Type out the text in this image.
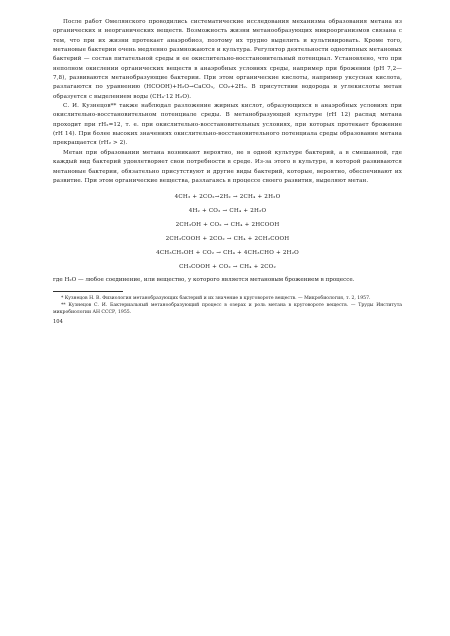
После работ Омелянского проводились систематические исследования механизма образования метана из органических и неорганических веществ. Возможность жизни метанообразующих микроорганизмов связана с тем, что при их жизни протекает анаэробиоз, поэтому их трудно выделить и культивировать. Кроме того, метановые бактерии очень медленно размножаются и культура. Регулятор деятельности однотипных метановых бактерий — состав питательной среды и ее окислительно-восстановительный потенциал. Установлено, что при неполном окислении органических веществ в анаэробных условиях среды, например при брожении (pH 7,2—7,8), развиваются метанобразующие бактерии. При этом органические кислоты, например уксусная кислота, разлагаются по уравнению (HCOOH)+H₂O→CaCO₃, CO₂+2H₂. В присутствии водорода и углекислоты метан образуется с выделением воды (CH₄·12 H₂O).

С. И. Кузнецов** также наблюдал разложение жирных кислот, образующихся в анаэробных условиях при окислительно-восстановительном потенциале среды. В метанобразующей культуре (rH 12) распад метана проходит при rH₂=12, т. е. при окислительно-восстановительных условиях, при которых протекает брожение (rH 14). При более высоких значениях окислительно-восстановительного потенциала среды образование метана прекращается (rH₂ > 2).

Метан при образовании метана возникают вероятно, не в одной культуре бактерий, а в смешанной, где каждый вид бактерий удовлетворяет свои потребности в среде. Из-за этого в культуре, в которой развиваются метановые бактерии, обязательно присутствуют и другие виды бактерий, которые, вероятно, обеспечивают их развитие. При этом органические вещества, разлагаясь в процессе своего развития, выделяют метан.

4CH₃ + 2CO₂→2H₂ → 2CH₄ + 2H₂O

4H₂ + CO₂ → CH₄ + 2H₂O

2CH₃OH + CO₂ → CH₄ + 2HCOOH

2CH₃COOH + 2CO₂ → CH₄ + 2CH₂COOH

4CH₃CH₂OH + CO₂ → CH₄ + 4CH₃CHO + 2H₂O

CH₃COOH + CO₂ → CH₄ + 2CO₂

где H₂O — любое соединение, или вещество, у которого является метановым брожением в процессе.

* Кузнецов Н. В. Физиология метанобразующих бактерий и их значение в круговороте веществ. — Микробиология, т. 2, 1957.

** Кузнецов С. И. Бактериальный метанообразующий процесс в озерах и роль метана в круговороте веществ. — Труды Института микробиологии АН СССР, 1955.

104
